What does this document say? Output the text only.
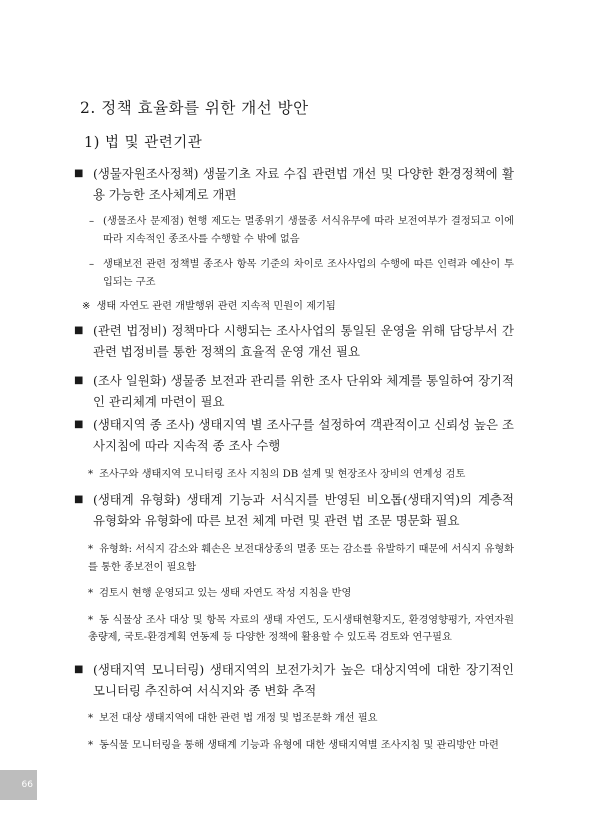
2. 정책 효율화를 위한 개선 방안
1) 법 및 관련기관
■ (생물자원조사정책) 생물기초 자료 수집 관련법 개선 및 다양한 환경정책에 활용 가능한 조사체계로 개편
– (생물조사 문제점) 현행 제도는 멸종위기 생물종 서식유무에 따라 보전여부가 결정되고 이에 따라 지속적인 종조사를 수행할 수 밖에 없음
– 생태보전 관련 정책별 종조사 항목 기준의 차이로 조사사업의 수행에 따른 인력과 예산이 투입되는 구조
※ 생태 자연도 관련 개발행위 관련 지속적 민원이 제기됨
■ (관련 법정비) 정책마다 시행되는 조사사업의 통일된 운영을 위해 담당부서 간 관련 법정비를 통한 정책의 효율적 운영 개선 필요
■ (조사 일원화) 생물종 보전과 관리를 위한 조사 단위와 체계를 통일하여 장기적인 관리체계 마련이 필요
■ (생태지역 종 조사) 생태지역 별 조사구를 설정하여 객관적이고 신뢰성 높은 조사지침에 따라 지속적 종 조사 수행
* 조사구와 생태지역 모니터링 조사 지침의 DB 설계 및 현장조사 장비의 연계성 검토
■ (생태계 유형화) 생태계 기능과 서식지를 반영된 비오톱(생태지역)의 계층적 유형화와 유형화에 따른 보전 체계 마련 및 관련 법 조문 명문화 필요
* 유형화: 서식지 감소와 훼손은 보전대상종의 멸종 또는 감소를 유발하기 때문에 서식지 유형화를 통한 종보전이 필요함
* 검토시 현행 운영되고 있는 생태 자연도 작성 지침을 반영
* 동 식물상 조사 대상 및 항목 자료의 생태 자연도, 도시생태현황지도, 환경영향평가, 자연자원총량제, 국토-환경계획 연동제 등 다양한 정책에 활용할 수 있도록 검토와 연구필요
■ (생태지역 모니터링) 생태지역의 보전가치가 높은 대상지역에 대한 장기적인 모니터링 추진하여 서식지와 종 변화 추적
* 보전 대상 생태지역에 대한 관련 법 개정 및 법조문화 개선 필요
* 동식물 모니터링을 통해 생태계 기능과 유형에 대한 생태지역별 조사지침 및 관리방안 마련
66
